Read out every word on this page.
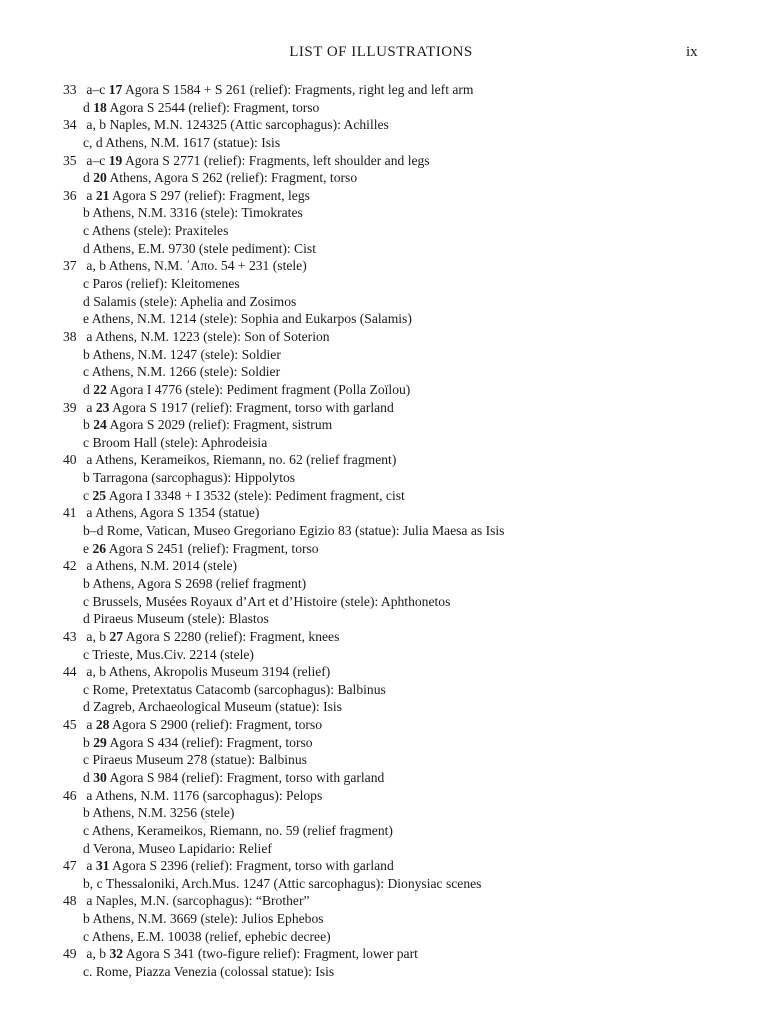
LIST OF ILLUSTRATIONS	ix
33 a–c 17 Agora S 1584 + S 261 (relief): Fragments, right leg and left arm
d 18 Agora S 2544 (relief): Fragment, torso
34 a, b Naples, M.N. 124325 (Attic sarcophagus): Achilles
c, d Athens, N.M. 1617 (statue): Isis
35 a–c 19 Agora S 2771 (relief): Fragments, left shoulder and legs
d 20 Athens, Agora S 262 (relief): Fragment, torso
36 a 21 Agora S 297 (relief): Fragment, legs
b Athens, N.M. 3316 (stele): Timokrates
c Athens (stele): Praxiteles
d Athens, E.M. 9730 (stele pediment): Cist
37 a, b Athens, N.M. ᾿Απο. 54 + 231 (stele)
c Paros (relief): Kleitomenes
d Salamis (stele): Aphelia and Zosimos
e Athens, N.M. 1214 (stele): Sophia and Eukarpos (Salamis)
38 a Athens, N.M. 1223 (stele): Son of Soterion
b Athens, N.M. 1247 (stele): Soldier
c Athens, N.M. 1266 (stele): Soldier
d 22 Agora I 4776 (stele): Pediment fragment (Polla Zoïlou)
39 a 23 Agora S 1917 (relief): Fragment, torso with garland
b 24 Agora S 2029 (relief): Fragment, sistrum
c Broom Hall (stele): Aphrodeisia
40 a Athens, Kerameikos, Riemann, no. 62 (relief fragment)
b Tarragona (sarcophagus): Hippolytos
c 25 Agora I 3348 + I 3532 (stele): Pediment fragment, cist
41 a Athens, Agora S 1354 (statue)
b–d Rome, Vatican, Museo Gregoriano Egizio 83 (statue): Julia Maesa as Isis
e 26 Agora S 2451 (relief): Fragment, torso
42 a Athens, N.M. 2014 (stele)
b Athens, Agora S 2698 (relief fragment)
c Brussels, Musées Royaux d’Art et d’Histoire (stele): Aphthonetos
d Piraeus Museum (stele): Blastos
43 a, b 27 Agora S 2280 (relief): Fragment, knees
c Trieste, Mus.Civ. 2214 (stele)
44 a, b Athens, Akropolis Museum 3194 (relief)
c Rome, Pretextatus Catacomb (sarcophagus): Balbinus
d Zagreb, Archaeological Museum (statue): Isis
45 a 28 Agora S 2900 (relief): Fragment, torso
b 29 Agora S 434 (relief): Fragment, torso
c Piraeus Museum 278 (statue): Balbinus
d 30 Agora S 984 (relief): Fragment, torso with garland
46 a Athens, N.M. 1176 (sarcophagus): Pelops
b Athens, N.M. 3256 (stele)
c Athens, Kerameikos, Riemann, no. 59 (relief fragment)
d Verona, Museo Lapidario: Relief
47 a 31 Agora S 2396 (relief): Fragment, torso with garland
b, c Thessaloniki, Arch.Mus. 1247 (Attic sarcophagus): Dionysiac scenes
48 a Naples, M.N. (sarcophagus): “Brother”
b Athens, N.M. 3669 (stele): Julios Ephebos
c Athens, E.M. 10038 (relief, ephebic decree)
49 a, b 32 Agora S 341 (two-figure relief): Fragment, lower part
c. Rome, Piazza Venezia (colossal statue): Isis
